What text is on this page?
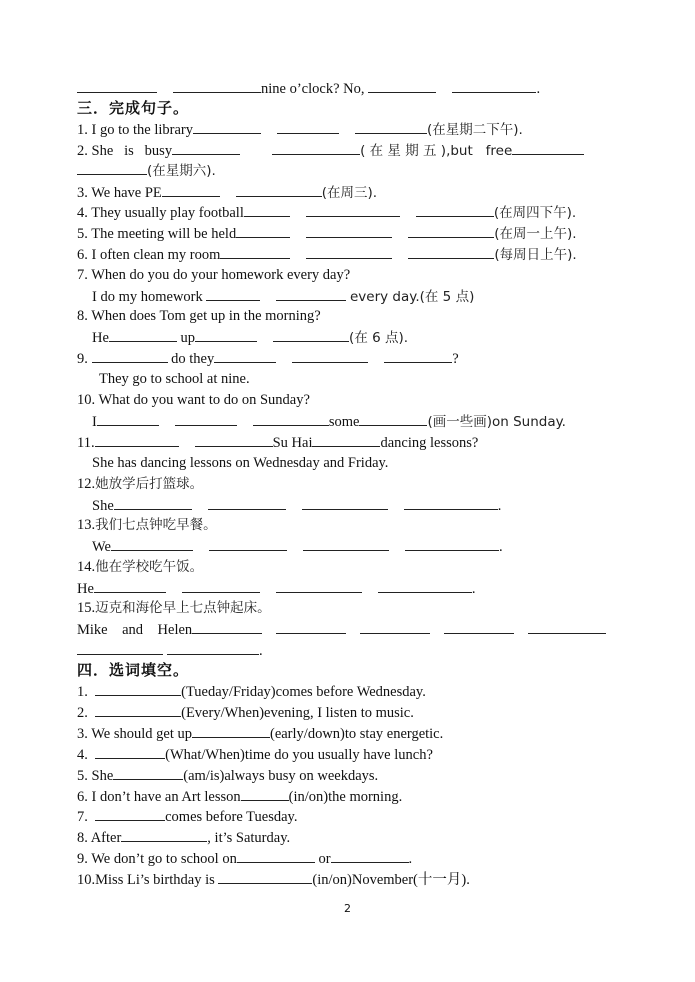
nine o’clock? No,	.
三．完成句子。
1. I go to the library	(在星期二下午).
2. She   is   busy	( 在 星 期 五 ),but   free
(在星期六).
3. We have PE	(在周三).
4. They usually play football	(在周四下午).
5. The meeting will be held	(在周一上午).
6. I often clean my room	(每周日上午).
7. When do you do your homework every day?
I do my homework	every day.(在 5 点)
8. When does Tom get up in the morning?
He	up	(在 6 点).
9.	do they	?
They go to school at nine.
10. What do you want to do on Sunday?
I	some	(画一些画)on Sunday.
11.	Su Hai	dancing lessons?
She has dancing lessons on Wednesday and Friday.
12.她放学后打篮球。
She	.
13.我们七点钟吃早餐。
We	.
14.他在学校吃午饭。
He	.
15.迈克和海伦早上七点钟起床。
Mike    and    Helen
.
四．选词填空。
1.	(Tueday/Friday)comes before Wednesday.
2.	(Every/When)evening, I listen to music.
3. We should get up	(early/down)to stay energetic.
4.	(What/When)time do you usually have lunch?
5. She	(am/is)always busy on weekdays.
6. I don’t have an Art lesson	(in/on)the morning.
7.	comes before Tuesday.
8. After	, it’s Saturday.
9. We don’t go to school on	or	.
10.Miss Li’s birthday is	(in/on)November(十一月).
2
